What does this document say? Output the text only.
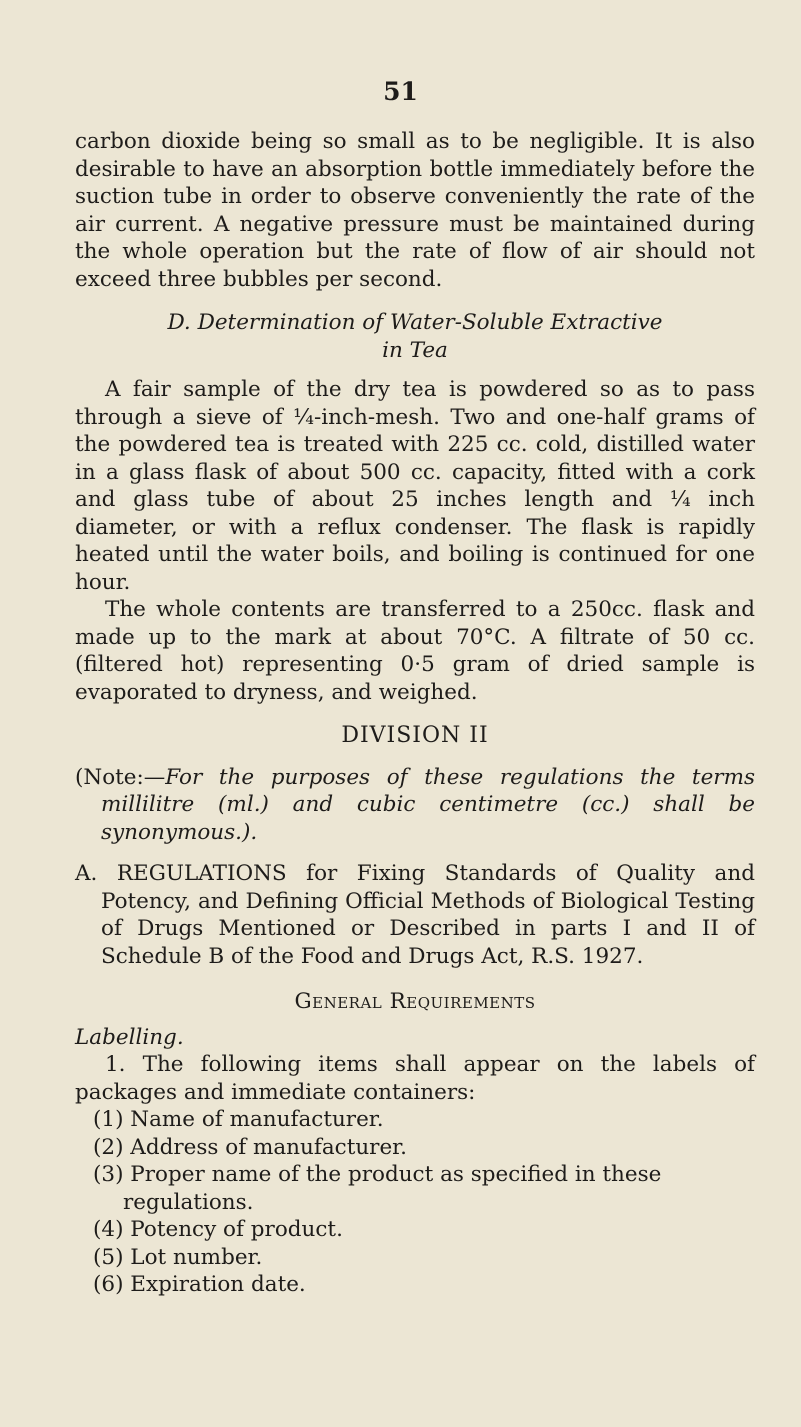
51

carbon dioxide being so small as to be negligible. It is also desirable to have an absorption bottle immediately before the suction tube in order to observe conveniently the rate of the air current. A negative pressure must be maintained during the whole operation but the rate of flow of air should not exceed three bubbles per second.

D. Determination of Water-Soluble Extractive
in Tea

A fair sample of the dry tea is powdered so as to pass through a sieve of ¼-inch-mesh. Two and one-half grams of the powdered tea is treated with 225 cc. cold, distilled water in a glass flask of about 500 cc. capacity, fitted with a cork and glass tube of about 25 inches length and ¼ inch diameter, or with a reflux condenser. The flask is rapidly heated until the water boils, and boiling is continued for one hour.

The whole contents are transferred to a 250cc. flask and made up to the mark at about 70°C. A filtrate of 50 cc. (filtered hot) representing 0·5 gram of dried sample is evaporated to dryness, and weighed.

DIVISION II

(Note:—For the purposes of these regulations the terms millilitre (ml.) and cubic centimetre (cc.) shall be synonymous.).

A. REGULATIONS for Fixing Standards of Quality and Potency, and Defining Official Methods of Biological Testing of Drugs Mentioned or Described in parts I and II of Schedule B of the Food and Drugs Act, R.S. 1927.

General Requirements
Labelling.

1. The following items shall appear on the labels of packages and immediate containers:

(1) Name of manufacturer.
(2) Address of manufacturer.
(3) Proper name of the product as specified in these regulations.
(4) Potency of product.
(5) Lot number.
(6) Expiration date.
